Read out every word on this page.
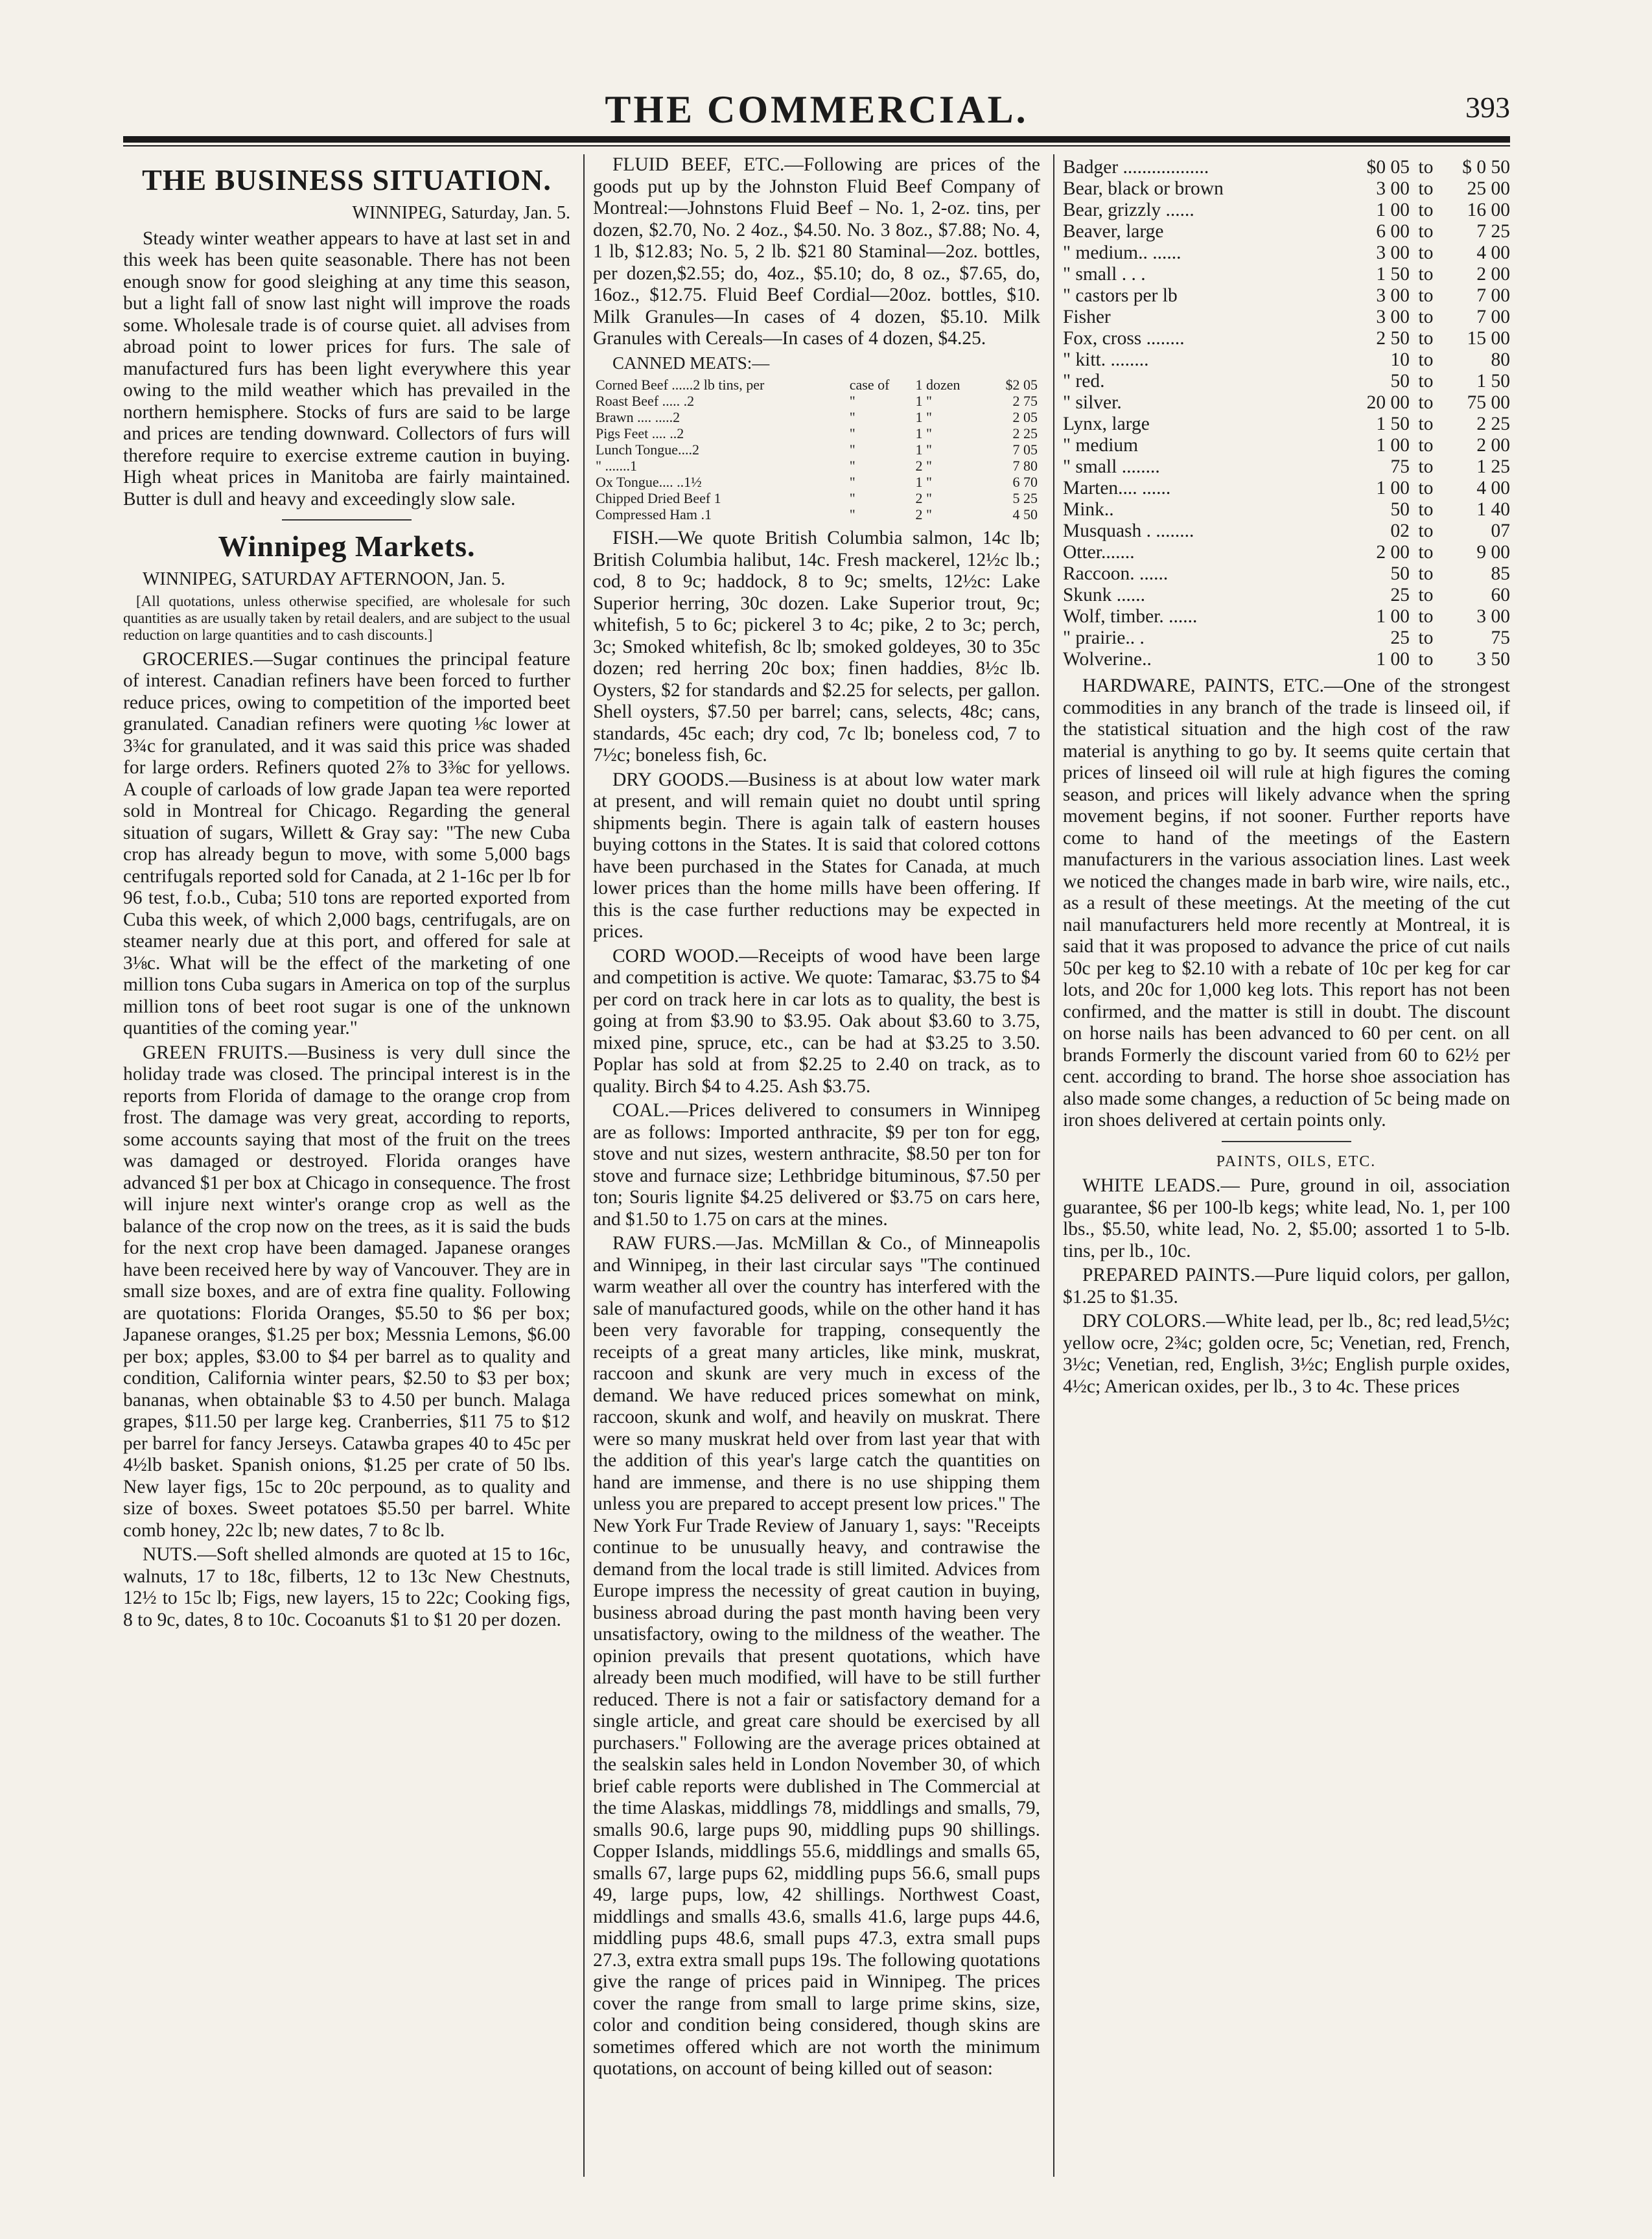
THE COMMERCIAL.	393
THE BUSINESS SITUATION.

WINNIPEG, Saturday, Jan. 5.

Steady winter weather appears to have at last set in and this week has been quite seasonable. There has not been enough snow for good sleighing at any time this season, but a light fall of snow last night will improve the roads some. Wholesale trade is of course quiet. all advises from abroad point to lower prices for furs. The sale of manufactured furs has been light everywhere this year owing to the mild weather which has prevailed in the northern hemisphere. Stocks of furs are said to be large and prices are tending downward. Collectors of furs will therefore require to exercise extreme caution in buying. High wheat prices in Manitoba are fairly maintained. Butter is dull and heavy and exceedingly slow sale.

Winnipeg Markets.

WINNIPEG, SATURDAY AFTERNOON, Jan. 5.

[All quotations, unless otherwise specified, are wholesale for such quantities as are usually taken by retail dealers, and are subject to the usual reduction on large quantities and to cash discounts.]

GROCERIES.—Sugar continues the principal feature of interest. Canadian refiners have been forced to further reduce prices, owing to competition of the imported beet granulated. Canadian refiners were quoting ⅛c lower at 3¾c for granulated, and it was said this price was shaded for large orders. Refiners quoted 2⅞ to 3⅜c for yellows. A couple of carloads of low grade Japan tea were reported sold in Montreal for Chicago. Regarding the general situation of sugars, Willett & Gray say: "The new Cuba crop has already begun to move, with some 5,000 bags centrifugals reported sold for Canada, at 2 1-16c per lb for 96 test, f.o.b., Cuba; 510 tons are reported exported from Cuba this week, of which 2,000 bags, centrifugals, are on steamer nearly due at this port, and offered for sale at 3⅛c. What will be the effect of the marketing of one million tons Cuba sugars in America on top of the surplus million tons of beet root sugar is one of the unknown quantities of the coming year."

GREEN FRUITS.—Business is very dull since the holiday trade was closed. The principal interest is in the reports from Florida of damage to the orange crop from frost. The damage was very great, according to reports, some accounts saying that most of the fruit on the trees was damaged or destroyed. Florida oranges have advanced $1 per box at Chicago in consequence. The frost will injure next winter's orange crop as well as the balance of the crop now on the trees, as it is said the buds for the next crop have been damaged. Japanese oranges have been received here by way of Vancouver. They are in small size boxes, and are of extra fine quality. Following are quotations: Florida Oranges, $5.50 to $6 per box; Japanese oranges, $1.25 per box; Messnia Lemons, $6.00 per box; apples, $3.00 to $4 per barrel as to quality and condition, California winter pears, $2.50 to $3 per box; bananas, when obtainable $3 to 4.50 per bunch. Malaga grapes, $11.50 per large keg. Cranberries, $11 75 to $12 per barrel for fancy Jerseys. Catawba grapes 40 to 45c per 4½lb basket. Spanish onions, $1.25 per crate of 50 lbs. New layer figs, 15c to 20c perpound, as to quality and size of boxes. Sweet potatoes $5.50 per barrel. White comb honey, 22c lb; new dates, 7 to 8c lb.

NUTS.—Soft shelled almonds are quoted at 15 to 16c, walnuts, 17 to 18c, filberts, 12 to 13c New Chestnuts, 12½ to 15c lb; Figs, new layers, 15 to 22c; Cooking figs, 8 to 9c, dates, 8 to 10c. Cocoanuts $1 to $1 20 per dozen.

FLUID BEEF, ETC.—Following are prices of the goods put up by the Johnston Fluid Beef Company of Montreal:—Johnstons Fluid Beef – No. 1, 2-oz. tins, per dozen, $2.70, No. 2 4oz., $4.50. No. 3 8oz., $7.88; No. 4, 1 lb, $12.83; No. 5, 2 lb. $21 80 Staminal—2oz. bottles, per dozen,$2.55; do, 4oz., $5.10; do, 8 oz., $7.65, do, 16oz., $12.75. Fluid Beef Cordial—20oz. bottles, $10. Milk Granules—In cases of 4 dozen, $5.10. Milk Granules with Cereals—In cases of 4 dozen, $4.25.

CANNED MEATS:—

Corned Beef ......2 lb tins, per	case of	1 dozen	$2 05
Roast Beef ..... .2	"	1 "	2 75
Brawn .... .....2	"	1 "	2 05
Pigs Feet .... ..2	"	1 "	2 25
Lunch Tongue....2	"	1 "	7 05
" .......1	"	2 "	7 80
Ox Tongue.... ..1½	"	1 "	6 70
Chipped Dried Beef 1	"	2 "	5 25
Compressed Ham .1	"	2 "	4 50

FISH.—We quote British Columbia salmon, 14c lb; British Columbia halibut, 14c. Fresh mackerel, 12½c lb.; cod, 8 to 9c; haddock, 8 to 9c; smelts, 12½c: Lake Superior herring, 30c dozen. Lake Superior trout, 9c; whitefish, 5 to 6c; pickerel 3 to 4c; pike, 2 to 3c; perch, 3c; Smoked whitefish, 8c lb; smoked goldeyes, 30 to 35c dozen; red herring 20c box; finen haddies, 8½c lb. Oysters, $2 for standards and $2.25 for selects, per gallon. Shell oysters, $7.50 per barrel; cans, selects, 48c; cans, standards, 45c each; dry cod, 7c lb; boneless cod, 7 to 7½c; boneless fish, 6c.

DRY GOODS.—Business is at about low water mark at present, and will remain quiet no doubt until spring shipments begin. There is again talk of eastern houses buying cottons in the States. It is said that colored cottons have been purchased in the States for Canada, at much lower prices than the home mills have been offering. If this is the case further reductions may be expected in prices.

CORD WOOD.—Receipts of wood have been large and competition is active. We quote: Tamarac, $3.75 to $4 per cord on track here in car lots as to quality, the best is going at from $3.90 to $3.95. Oak about $3.60 to 3.75, mixed pine, spruce, etc., can be had at $3.25 to 3.50. Poplar has sold at from $2.25 to 2.40 on track, as to quality. Birch $4 to 4.25. Ash $3.75.

COAL.—Prices delivered to consumers in Winnipeg are as follows: Imported anthracite, $9 per ton for egg, stove and nut sizes, western anthracite, $8.50 per ton for stove and furnace size; Lethbridge bituminous, $7.50 per ton; Souris lignite $4.25 delivered or $3.75 on cars here, and $1.50 to 1.75 on cars at the mines.

RAW FURS.—Jas. McMillan & Co., of Minneapolis and Winnipeg, in their last circular says "The continued warm weather all over the country has interfered with the sale of manufactured goods, while on the other hand it has been very favorable for trapping, consequently the receipts of a great many articles, like mink, muskrat, raccoon and skunk are very much in excess of the demand. We have reduced prices somewhat on mink, raccoon, skunk and wolf, and heavily on muskrat. There were so many muskrat held over from last year that with the addition of this year's large catch the quantities on hand are immense, and there is no use shipping them unless you are prepared to accept present low prices." The New York Fur Trade Review of January 1, says: "Receipts continue to be unusually heavy, and contrawise the demand from the local trade is still limited. Advices from Europe impress the necessity of great caution in buying, business abroad during the past month having been very unsatisfactory, owing to the mildness of the weather. The opinion prevails that present quotations, which have already been much modified, will have to be still further reduced. There is not a fair or satisfactory demand for a single article, and great care should be exercised by all purchasers." Following are the average prices obtained at the sealskin sales held in London November 30, of which brief cable reports were dublished in The Commercial at the time Alaskas, middlings 78, middlings and smalls, 79, smalls 90.6, large pups 90, middling pups 90 shillings. Copper Islands, middlings 55.6, middlings and smalls 65, smalls 67, large pups 62, middling pups 56.6, small pups 49, large pups, low, 42 shillings. Northwest Coast, middlings and smalls 43.6, smalls 41.6, large pups 44.6, middling pups 48.6, small pups 47.3, extra small pups 27.3, extra extra small pups 19s. The following quotations give the range of prices paid in Winnipeg. The prices cover the range from small to large prime skins, size, color and condition being considered, though skins are sometimes offered which are not worth the minimum quotations, on account of being killed out of season:

Badger ..................	$0 05	to	$ 0 50
Bear, black or brown	3 00	to	25 00
Bear, grizzly ......	1 00	to	16 00
Beaver, large	6 00	to	7 25
" medium.. ......	3 00	to	4 00
" small . . .	1 50	to	2 00
" castors per lb	3 00	to	7 00
Fisher	3 00	to	7 00
Fox, cross ........	2 50	to	15 00
" kitt. ........	10	to	80
" red.	50	to	1 50
" silver.	20 00	to	75 00
Lynx, large	1 50	to	2 25
" medium	1 00	to	2 00
" small ........	75	to	1 25
Marten.... ......	1 00	to	4 00
Mink..	50	to	1 40
Musquash . ........	02	to	07
Otter.......	2 00	to	9 00
Raccoon. ......	50	to	85
Skunk ......	25	to	60
Wolf, timber. ......	1 00	to	3 00
" prairie.. .	25	to	75
Wolverine..	1 00	to	3 50

HARDWARE, PAINTS, ETC.—One of the strongest commodities in any branch of the trade is linseed oil, if the statistical situation and the high cost of the raw material is anything to go by. It seems quite certain that prices of linseed oil will rule at high figures the coming season, and prices will likely advance when the spring movement begins, if not sooner. Further reports have come to hand of the meetings of the Eastern manufacturers in the various association lines. Last week we noticed the changes made in barb wire, wire nails, etc., as a result of these meetings. At the meeting of the cut nail manufacturers held more recently at Montreal, it is said that it was proposed to advance the price of cut nails 50c per keg to $2.10 with a rebate of 10c per keg for car lots, and 20c for 1,000 keg lots. This report has not been confirmed, and the matter is still in doubt. The discount on horse nails has been advanced to 60 per cent. on all brands Formerly the discount varied from 60 to 62½ per cent. according to brand. The horse shoe association has also made some changes, a reduction of 5c being made on iron shoes delivered at certain points only.

PAINTS, OILS, ETC.

WHITE LEADS.— Pure, ground in oil, association guarantee, $6 per 100-lb kegs; white lead, No. 1, per 100 lbs., $5.50, white lead, No. 2, $5.00; assorted 1 to 5-lb. tins, per lb., 10c.

PREPARED PAINTS.—Pure liquid colors, per gallon, $1.25 to $1.35.

DRY COLORS.—White lead, per lb., 8c; red lead,5½c; yellow ocre, 2¾c; golden ocre, 5c; Venetian, red, French, 3½c; Venetian, red, English, 3½c; English purple oxides, 4½c; American oxides, per lb., 3 to 4c. These prices
